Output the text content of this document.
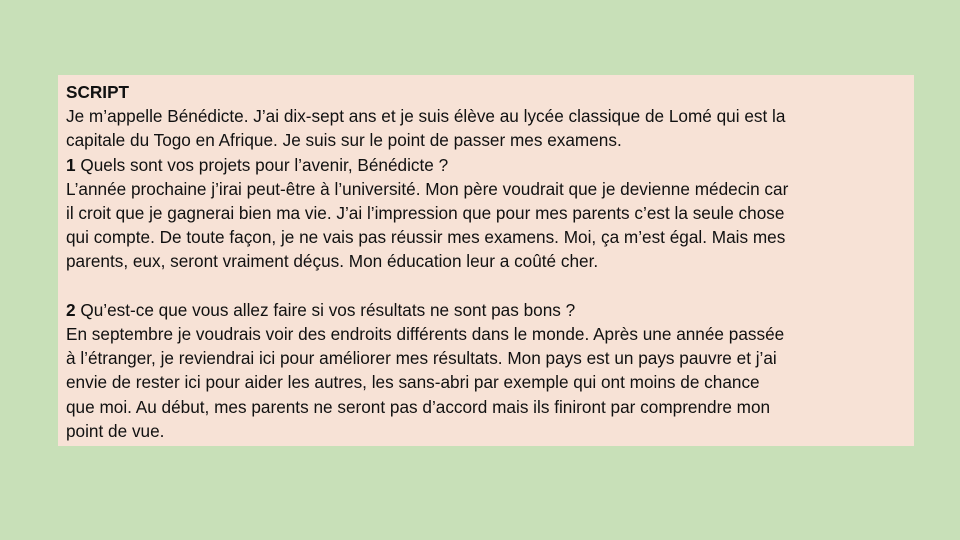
SCRIPT
Je m’appelle Bénédicte. J’ai dix-sept ans et je suis élève au lycée classique de Lomé qui est la
capitale du Togo en Afrique. Je suis sur le point de passer mes examens.
1 Quels sont vos projets pour l’avenir, Bénédicte ?
L’année prochaine j’irai peut-être à l’université. Mon père voudrait que je devienne médecin car
il croit que je gagnerai bien ma vie. J’ai l’impression que pour mes parents c’est la seule chose
qui compte. De toute façon, je ne vais pas réussir mes examens. Moi, ça m’est égal. Mais mes
parents, eux, seront vraiment déçus. Mon éducation leur a coûté cher.
2 Qu’est-ce que vous allez faire si vos résultats ne sont pas bons ?
En septembre je voudrais voir des endroits différents dans le monde. Après une année passée
à l’étranger, je reviendrai ici pour améliorer mes résultats. Mon pays est un pays pauvre et j’ai
envie de rester ici pour aider les autres, les sans-abri par exemple qui ont moins de chance
que moi. Au début, mes parents ne seront pas d’accord mais ils finiront par comprendre mon
point de vue.
